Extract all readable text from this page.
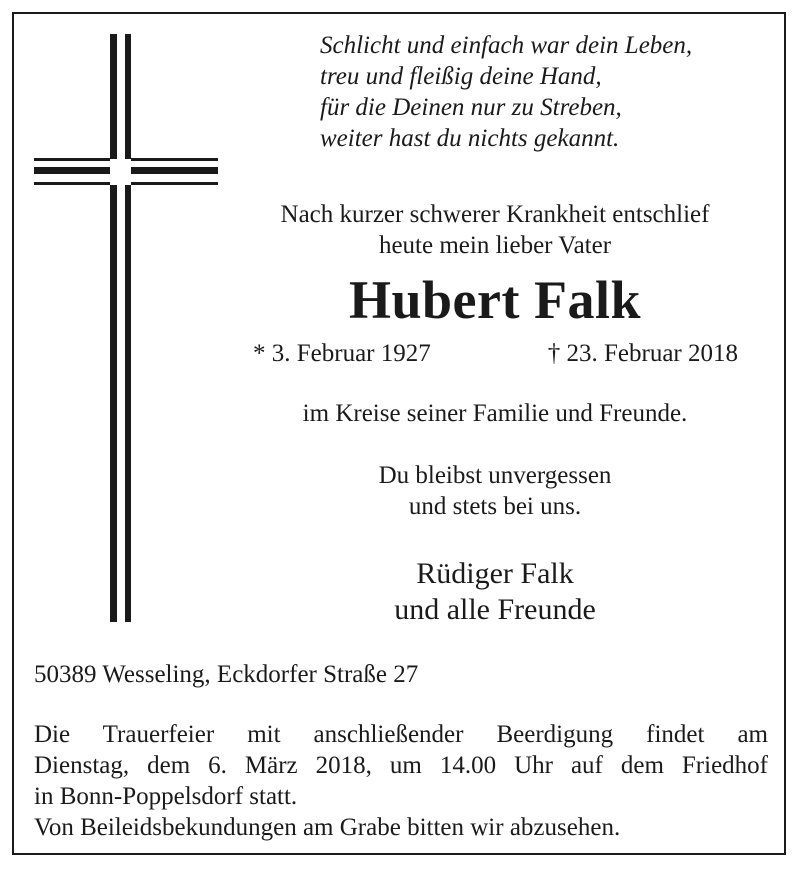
Schlicht und einfach war dein Leben,
treu und fleißig deine Hand,
für die Deinen nur zu Streben,
weiter hast du nichts gekannt.
Nach kurzer schwerer Krankheit entschlief
heute mein lieber Vater
Hubert Falk
* 3. Februar 1927	† 23. Februar 2018
im Kreise seiner Familie und Freunde.
Du bleibst unvergessen
und stets bei uns.
Rüdiger Falk
und alle Freunde
50389 Wesseling, Eckdorfer Straße 27
Die Trauerfeier mit anschließender Beerdigung findet am
Dienstag, dem 6. März 2018, um 14.00 Uhr auf dem Friedhof
in Bonn-Poppelsdorf statt.
Von Beileidsbekundungen am Grabe bitten wir abzusehen.
